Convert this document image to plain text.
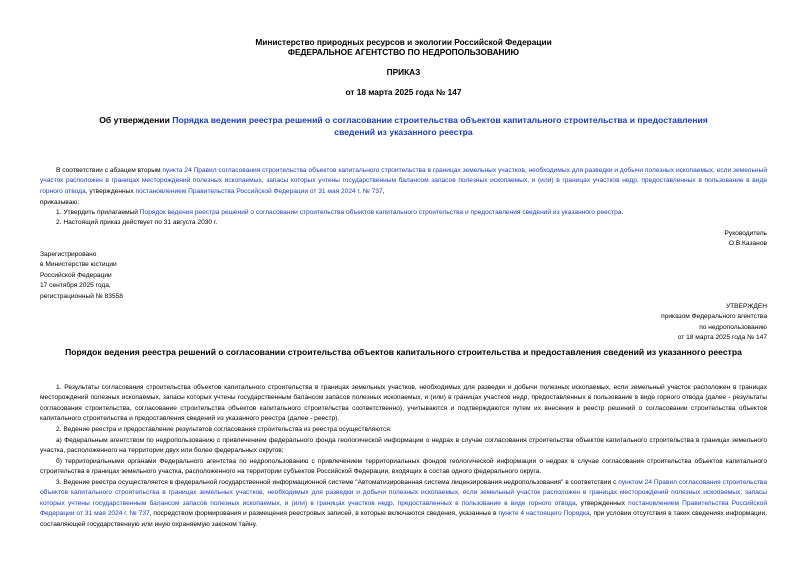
Министерство природных ресурсов и экологии Российской Федерации
ФЕДЕРАЛЬНОЕ АГЕНТСТВО ПО НЕДРОПОЛЬЗОВАНИЮ
ПРИКАЗ
от 18 марта 2025 года № 147
Об утверждении Порядка ведения реестра решений о согласовании строительства объектов капитального строительства и предоставления сведений из указанного реестра
В соответствии с абзацем вторым пункта 24 Правил согласования строительства объектов капитального строительства в границах земельных участков, необходимых для разведки и добычи полезных ископаемых, если земельный участок расположен в границах месторождений полезных ископаемых, запасы которых учтены государственным балансом запасов полезных ископаемых, и (или) в границах участков недр, предоставленных в пользование в виде горного отвода, утвержденных постановлением Правительства Российской Федерации от 31 мая 2024 г. № 737,
приказываю:
1. Утвердить прилагаемый Порядок ведения реестра решений о согласовании строительства объектов капитального строительства и предоставления сведений из указанного реестра.
2. Настоящий приказ действует по 31 августа 2030 г.
Руководитель
О.В.Казанов
Зарегистрировано
в Министерстве юстиции
Российской Федерации
17 сентября 2025 года,
регистрационный № 83558
УТВЕРЖДЕН
приказом Федерального агентства
по недропользованию
от 18 марта 2025 года № 147
Порядок ведения реестра решений о согласовании строительства объектов капитального строительства и предоставления сведений из указанного реестра
1. Результаты согласования строительства объектов капитального строительства в границах земельных участков, необходимых для разведки и добычи полезных ископаемых, если земельный участок расположен в границах месторождений полезных ископаемых, запасы которых учтены государственным балансом запасов полезных ископаемых, и (или) в границах участков недр, предоставленных в пользование в виде горного отвода (далее - результаты согласования строительства, согласование строительства объектов капитального строительства соответственно), учитываются и подтверждаются путем их внесения в реестр решений о согласовании строительства объектов капитального строительства и предоставления сведений из указанного реестра (далее - реестр).
2. Ведение реестра и предоставление результатов согласования строительства из реестра осуществляются:
а) Федеральным агентством по недропользованию с привлечением федерального фонда геологической информации о недрах в случае согласования строительства объектов капитального строительства в границах земельного участка, расположенного на территории двух или более федеральных округов;
б) территориальными органами Федерального агентства по недропользованию с привлечением территориальных фондов геологической информации о недрах в случае согласования строительства объектов капитального строительства в границах земельного участка, расположенного на территории субъектов Российской Федерации, входящих в состав одного федерального округа.
3. Ведение реестра осуществляется в федеральной государственной информационной системе "Автоматизированная система лицензирования недропользования" в соответствии с пунктом 24 Правил согласования строительства объектов капитального строительства в границах земельных участков, необходимых для разведки и добычи полезных ископаемых, если земельный участок расположен в границах месторождений полезных ископаемых, запасы которых учтены государственным балансом запасов полезных ископаемых, и (или) в границах участков недр, предоставленных в пользование в виде горного отвода, утвержденных постановлением Правительства Российской Федерации от 31 мая 2024 г. № 737, посредством формирования и размещения реестровых записей, в которые включаются сведения, указанные в пункте 4 настоящего Порядка, при условии отсутствия в таких сведениях информации, составляющей государственную или иную охраняемую законом тайну.
